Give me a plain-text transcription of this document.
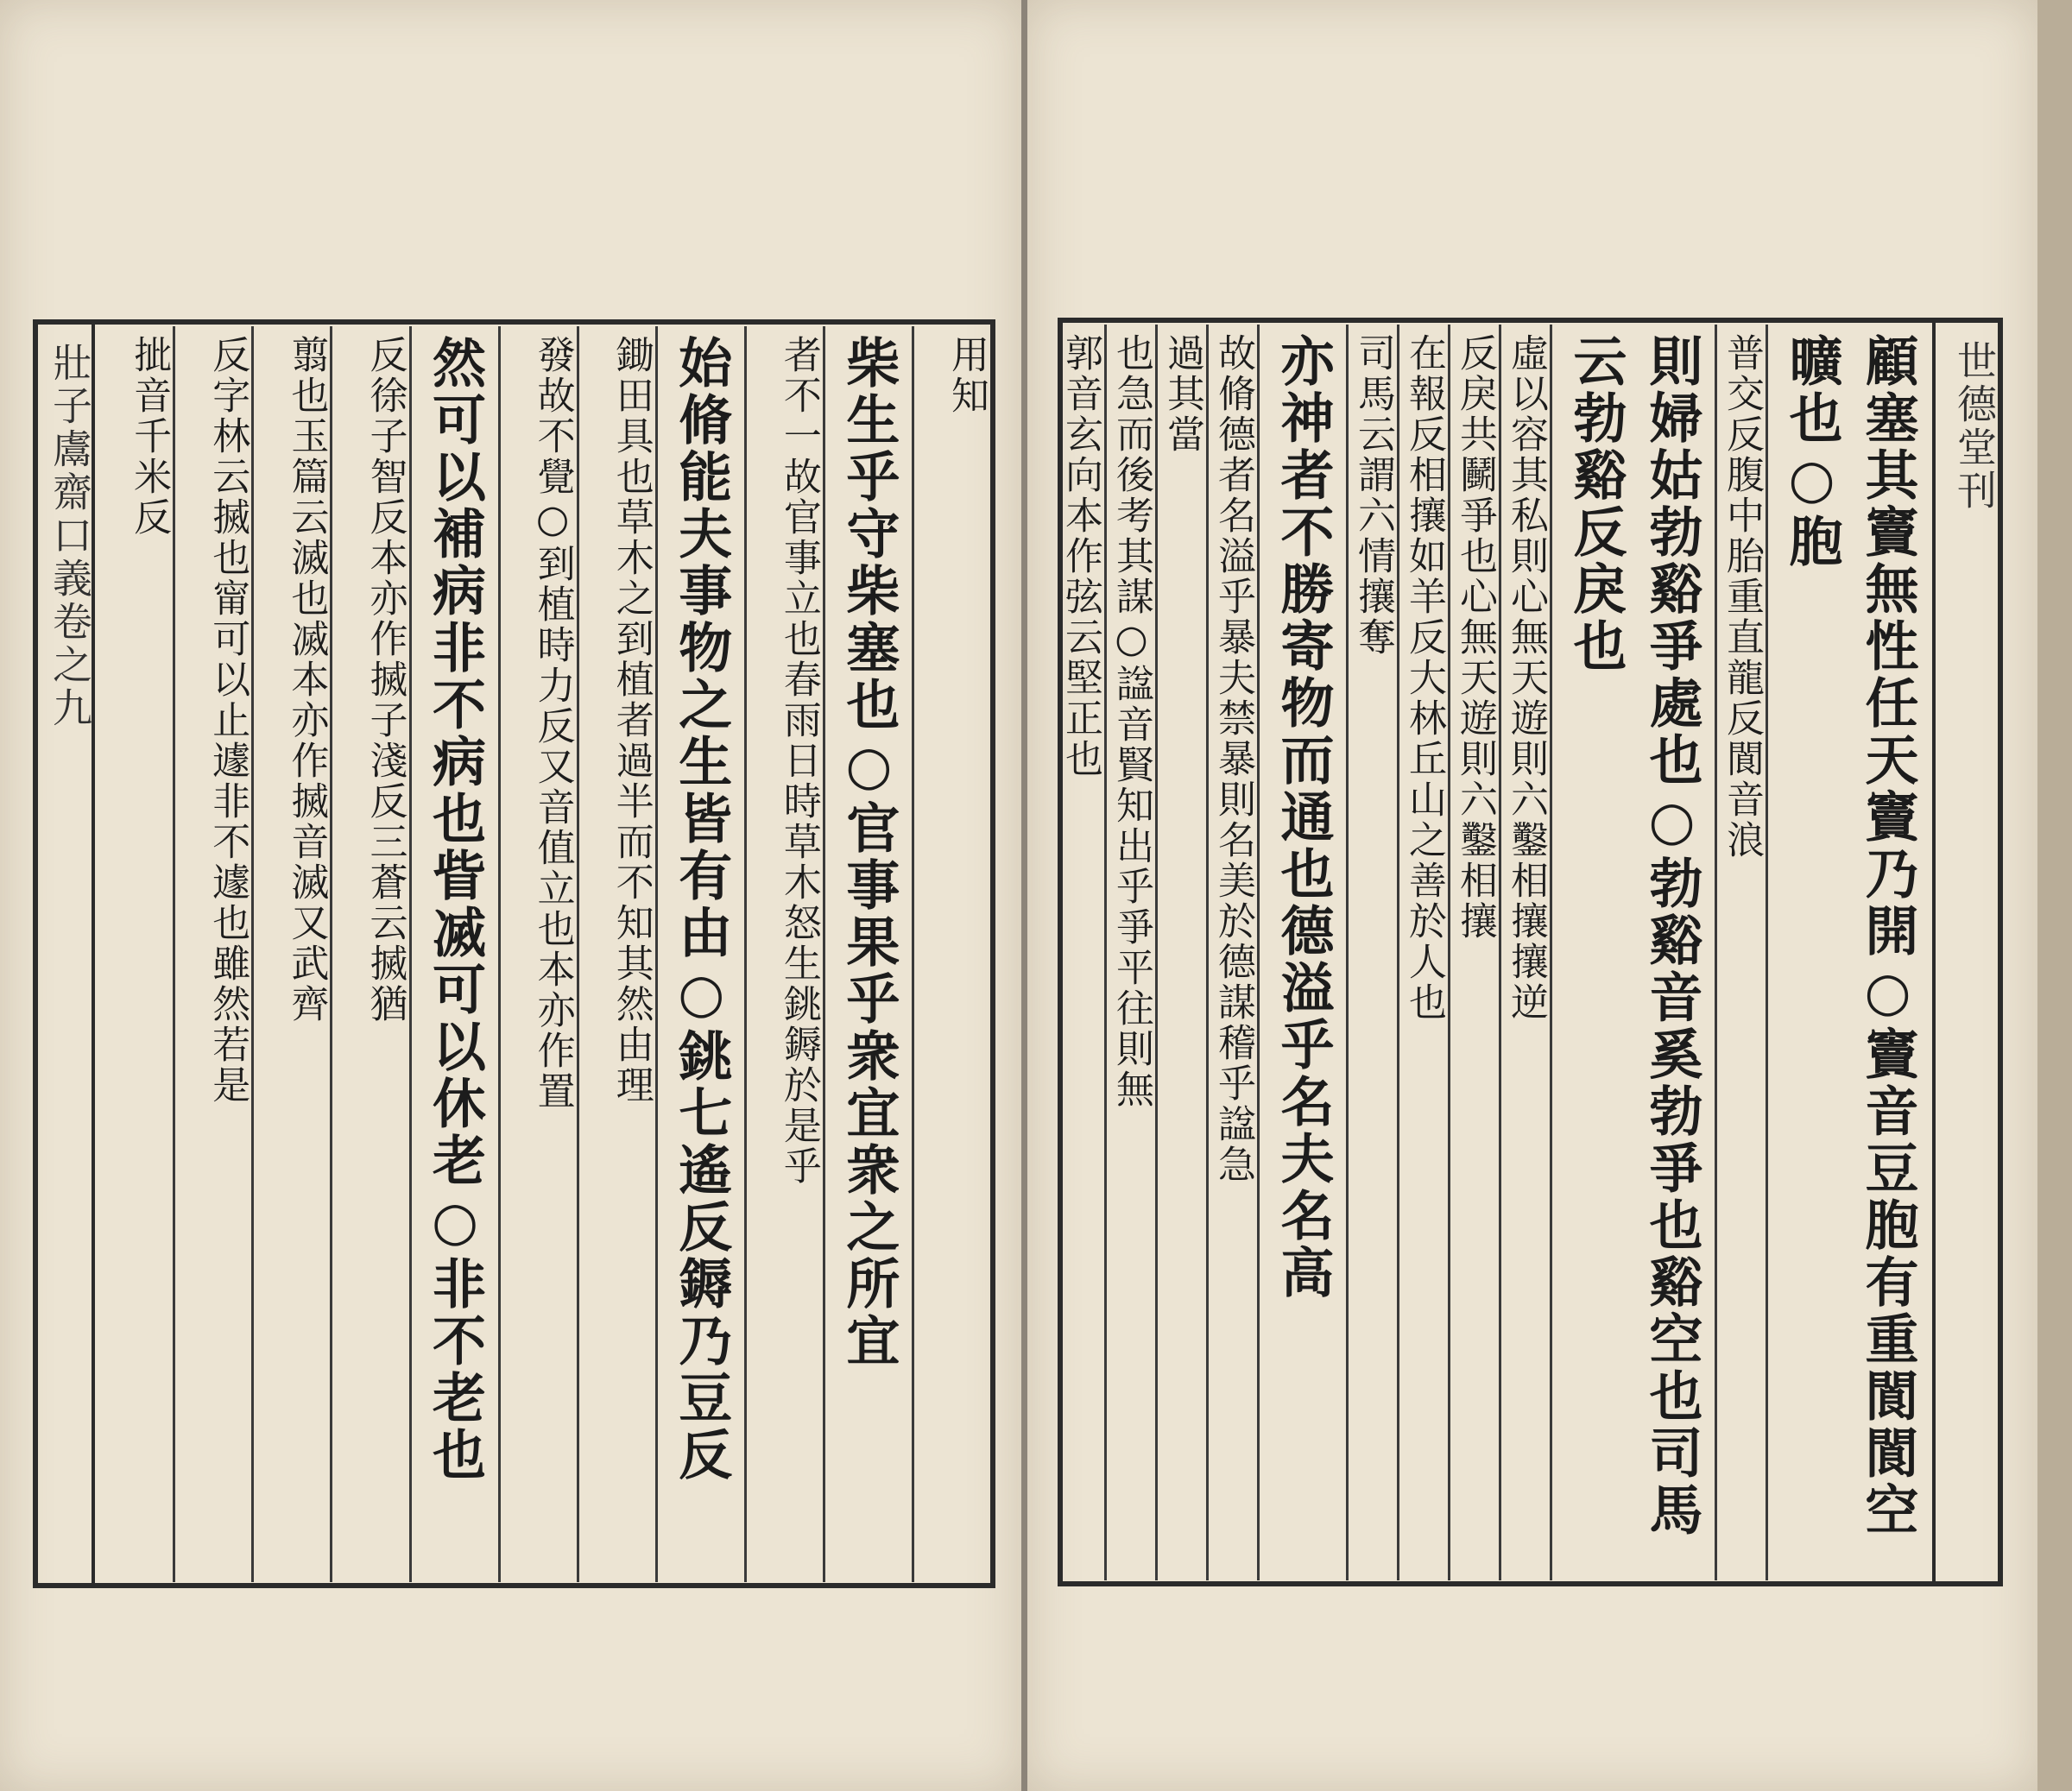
壯子鬳齋口義卷之九	用知
柴生乎守柴塞也○官事果乎衆宜衆之所宜
者不一故官事立也春雨日時草木怒生銚鎒於是乎
始脩能夫事物之生皆有由○銚七遙反鎒乃豆反
鋤田具也草木之到植者過半而不知其然由理
發故不覺○到植時力反又音值立也本亦作置
然可以補病非不病也眥㓕可以休老○非不老也
反徐子智反本亦作搣子淺反三蒼云搣猶
翦也玉篇云滅也㓕本亦作搣音滅又武齊
反字林云搣也甯可以止遽非不遽也雖然若是
㧗音千米反	世德堂刊
顧塞其竇無性任天竇乃開○竇音豆胞有重閬閬空曠也○胞
普交反腹中胎重直龍反閬音浪
則婦姑勃谿爭處也○勃谿音奚勃爭也谿空也司馬云勃谿反戾也
虛以容其私則心無天遊則六鑿相攘攘逆
反戾共鬭爭也心無天遊則六鑿相攘
在報反相攘如羊反大林丘山之善於人也
司馬云謂六情攘奪
亦神者不勝寄物而通也德溢乎名夫名高
故脩德者名溢乎暴夫禁暴則名美於德謀稽乎諡急
過其當
也急而後考其謀○諡音賢知出乎爭平往則無
郭音玄向本作弦云堅正也
